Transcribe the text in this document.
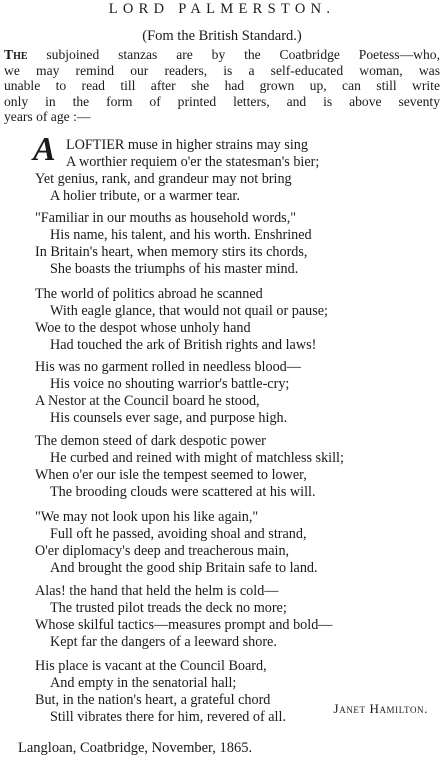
LORD PALMERSTON.
(Fom the British Standard.)
The subjoined stanzas are by the Coatbridge Poetess—who,
we may remind our readers, is a self-educated woman, was
unable to read till after she had grown up, can still write
only in the form of printed letters, and is above seventy
years of age :—
A LOFTIER muse in higher strains may sing
A worthier requiem o'er the statesman's bier;
Yet genius, rank, and grandeur may not bring
A holier tribute, or a warmer tear.
"Familiar in our mouths as household words,"
His name, his talent, and his worth. Enshrined
In Britain's heart, when memory stirs its chords,
She boasts the triumphs of his master mind.
The world of politics abroad he scanned
With eagle glance, that would not quail or pause;
Woe to the despot whose unholy hand
Had touched the ark of British rights and laws!
His was no garment rolled in needless blood—
His voice no shouting warrior's battle-cry;
A Nestor at the Council board he stood,
His counsels ever sage, and purpose high.
The demon steed of dark despotic power
He curbed and reined with might of matchless skill;
When o'er our isle the tempest seemed to lower,
The brooding clouds were scattered at his will.
"We may not look upon his like again,"
Full oft he passed, avoiding shoal and strand,
O'er diplomacy's deep and treacherous main,
And brought the good ship Britain safe to land.
Alas! the hand that held the helm is cold—
The trusted pilot treads the deck no more;
Whose skilful tactics—measures prompt and bold—
Kept far the dangers of a leeward shore.
His place is vacant at the Council Board,
And empty in the senatorial hall;
But, in the nation's heart, a grateful chord
Still vibrates there for him, revered of all.
Janet Hamilton.
Langloan, Coatbridge, November, 1865.
